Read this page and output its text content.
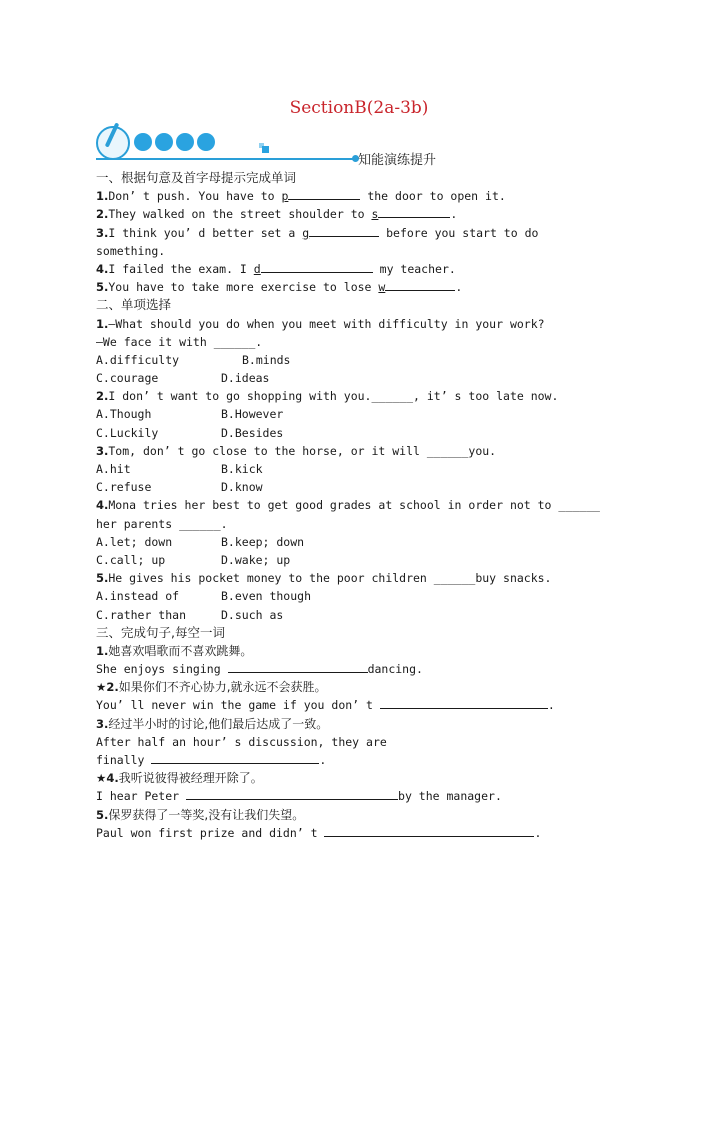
SectionB(2a-3b)
知能演练提升
一、根据句意及首字母提示完成单词
1.Don’ t push. You have to p	the door to open it.
2.They walked on the street shoulder to s	.
3.I think you’ d better set a g	before you start to do
something.
4.I failed the exam. I d	my teacher.
5.You have to take more exercise to lose w	.
二、单项选择
1.—What should you do when you meet with difficulty in your work?
—We face it with ______.
A.difficulty	B.minds
C.courage	D.ideas
2.I don’ t want to go shopping with you.______, it’ s too late now.
A.Though	B.However
C.Luckily	D.Besides
3.Tom, don’ t go close to the horse, or it will ______you.
A.hit	B.kick
C.refuse	D.know
4.Mona tries her best to get good grades at school in order not to ______
her parents ______.
A.let; down	B.keep; down
C.call; up	D.wake; up
5.He gives his pocket money to the poor children ______buy snacks.
A.instead of	B.even though
C.rather than	D.such as
三、完成句子,每空一词
1.她喜欢唱歌而不喜欢跳舞。
She enjoys singing	dancing.
★2.如果你们不齐心协力,就永远不会获胜。
You’ ll never win the game if you don’ t	.
3.经过半小时的讨论,他们最后达成了一致。
After half an hour’ s discussion, they are
finally	.
★4.我听说彼得被经理开除了。
I hear Peter	by the manager.
5.保罗获得了一等奖,没有让我们失望。
Paul won first prize and didn’ t	.
